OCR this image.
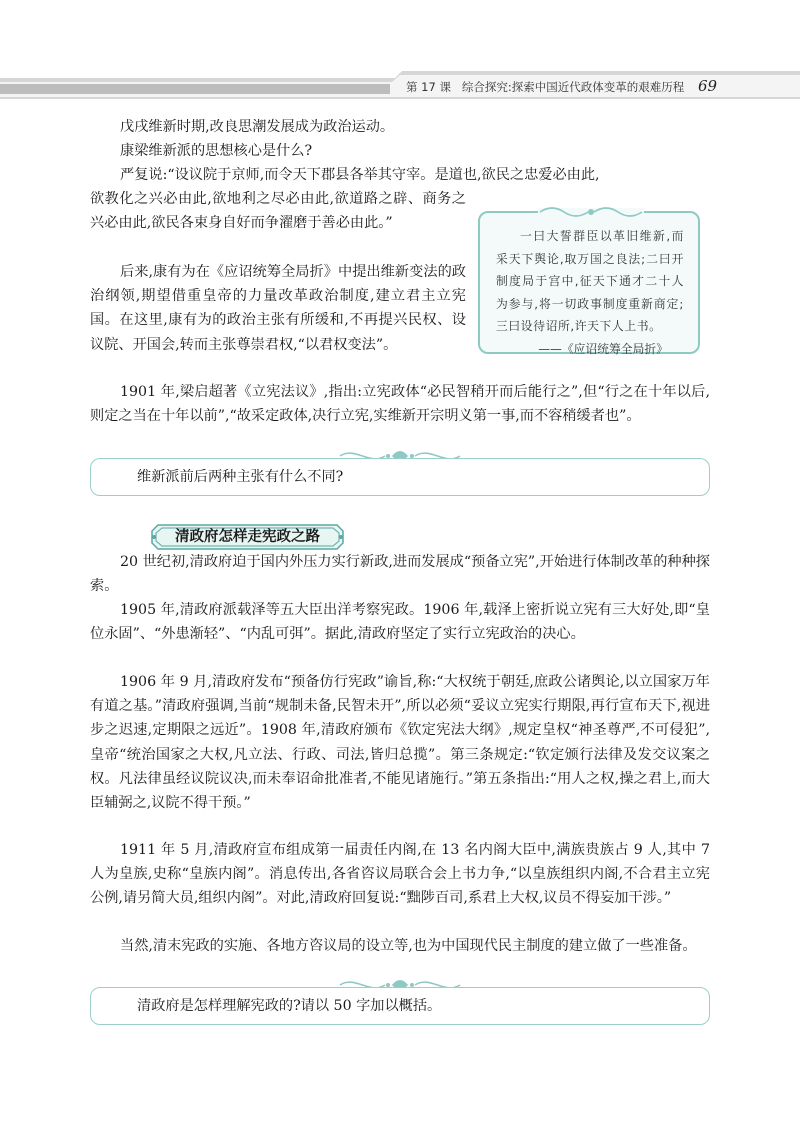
第 17 课 综合探究:探索中国近代政体变革的艰难历程 69

戊戌维新时期,改良思潮发展成为政治运动。

康梁维新派的思想核心是什么?

严复说:“设议院于京师,而令天下郡县各举其守宰。是道也,欲民之忠爱必由此,

欲教化之兴必由此,欲地利之尽必由此,欲道路之辟、商务之兴必由此,欲民各束身自好而争濯磨于善必由此。”

后来,康有为在《应诏统筹全局折》中提出维新变法的政治纲领,期望借重皇帝的力量改革政治制度,建立君主立宪国。在这里,康有为的政治主张有所缓和,不再提兴民权、设议院、开国会,转而主张尊崇君权,“以君权变法”。

1901 年,梁启超著《立宪法议》,指出:立宪政体“必民智稍开而后能行之”,但“行之在十年以后,则定之当在十年以前”,“故采定政体,决行立宪,实维新开宗明义第一事,而不容稍缓者也”。

20 世纪初,清政府迫于国内外压力实行新政,进而发展成“预备立宪”,开始进行体制改革的种种探索。

1905 年,清政府派载泽等五大臣出洋考察宪政。1906 年,载泽上密折说立宪有三大好处,即“皇位永固”、“外患渐轻”、“内乱可弭”。据此,清政府坚定了实行立宪政治的决心。

1906 年 9 月,清政府发布“预备仿行宪政”谕旨,称:“大权统于朝廷,庶政公诸舆论,以立国家万年有道之基。”清政府强调,当前“规制未备,民智未开”,所以必须“妥议立宪实行期限,再行宣布天下,视进步之迟速,定期限之远近”。1908 年,清政府颁布《钦定宪法大纲》,规定皇权“神圣尊严,不可侵犯”,皇帝“统治国家之大权,凡立法、行政、司法,皆归总揽”。第三条规定:“钦定颁行法律及发交议案之权。凡法律虽经议院议决,而未奉诏命批准者,不能见诸施行。”第五条指出:“用人之权,操之君上,而大臣辅弼之,议院不得干预。”

1911 年 5 月,清政府宣布组成第一届责任内阁,在 13 名内阁大臣中,满族贵族占 9 人,其中 7 人为皇族,史称“皇族内阁”。消息传出,各省咨议局联合会上书力争,“以皇族组织内阁,不合君主立宪公例,请另简大员,组织内阁”。对此,清政府回复说:“黜陟百司,系君上大权,议员不得妄加干涉。”

当然,清末宪政的实施、各地方咨议局的设立等,也为中国现代民主制度的建立做了一些准备。

一曰大誓群臣以革旧维新,而采天下舆论,取万国之良法;二曰开制度局于宫中,征天下通才二十人为参与,将一切政事制度重新商定;三曰设待诏所,许天下人上书。

——《应诏统筹全局折》

维新派前后两种主张有什么不同?
清政府怎样走宪政之路
清政府是怎样理解宪政的?请以 50 字加以概括。
